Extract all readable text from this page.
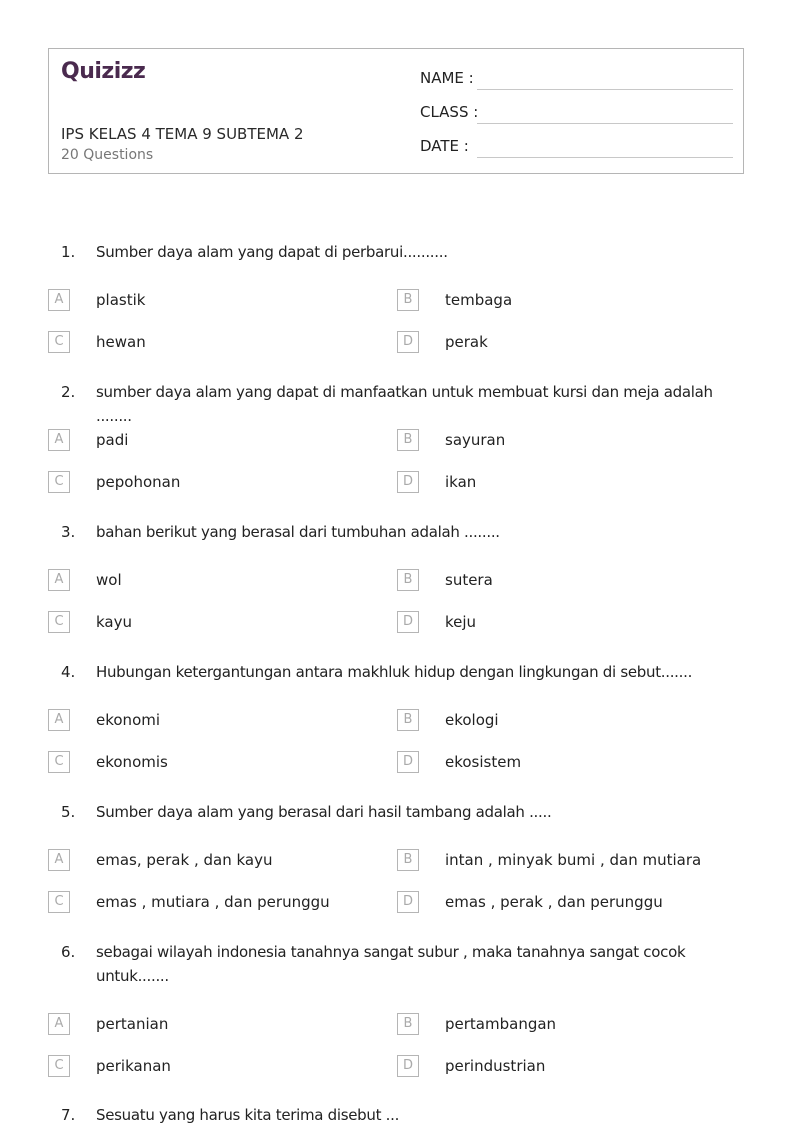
Quizizz
IPS KELAS 4 TEMA 9 SUBTEMA 2
20 Questions
NAME :
CLASS :
DATE :
1. Sumber daya alam yang dapat di perbarui..........
A	plastik	B	tembaga
C	hewan	D	perak
2. sumber daya alam yang dapat di manfaatkan untuk membuat kursi dan meja adalah ........
A	padi	B	sayuran
C	pepohonan	D	ikan
3. bahan berikut yang berasal dari tumbuhan adalah ........
A	wol	B	sutera
C	kayu	D	keju
4. Hubungan ketergantungan antara makhluk hidup dengan lingkungan di sebut.......
A	ekonomi	B	ekologi
C	ekonomis	D	ekosistem
5. Sumber daya alam yang berasal dari hasil tambang adalah .....
A	emas, perak , dan kayu	B	intan , minyak bumi , dan mutiara
C	emas , mutiara , dan perunggu	D	emas , perak , dan perunggu
6. sebagai wilayah indonesia tanahnya sangat subur , maka tanahnya sangat cocok untuk.......
A	pertanian	B	pertambangan
C	perikanan	D	perindustrian
7. Sesuatu yang harus kita terima disebut ...
